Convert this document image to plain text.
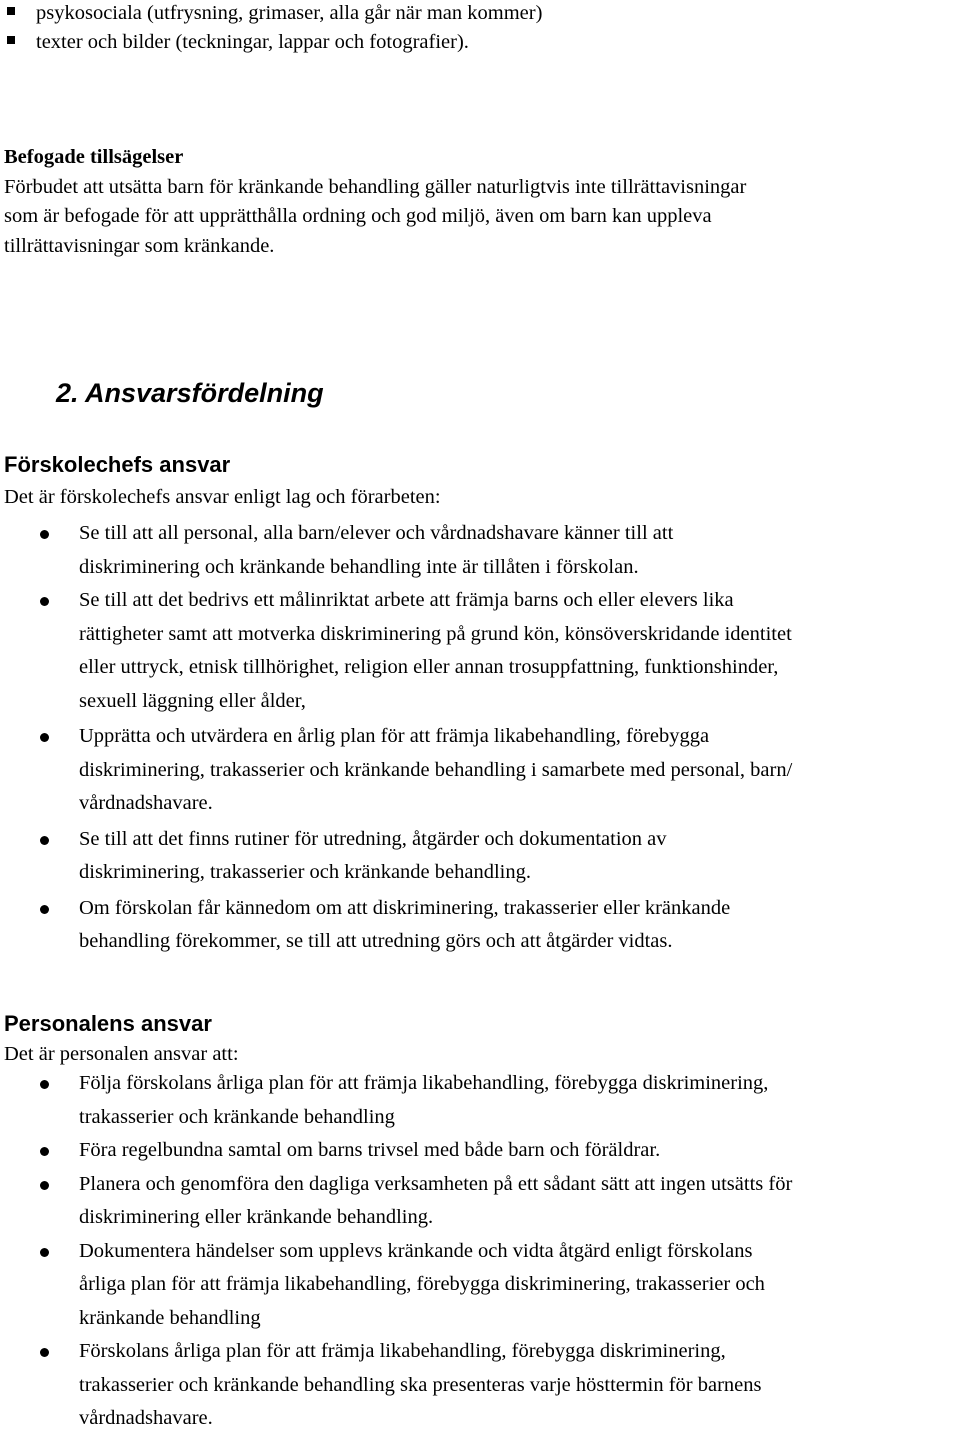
psykosociala (utfrysning, grimaser, alla går när man kommer)
texter och bilder (teckningar, lappar och fotografier).
Befogade tillsägelser
Förbudet att utsätta barn för kränkande behandling gäller naturligtvis inte tillrättavisningar
som är befogade för att upprätthålla ordning och god miljö, även om barn kan uppleva
tillrättavisningar som kränkande.
2. Ansvarsfördelning
Förskolechefs ansvar
Det är förskolechefs ansvar enligt lag och förarbeten:
Se till att all personal, alla barn/elever och vårdnadshavare känner till att
diskriminering och kränkande behandling inte är tillåten i förskolan.
Se till att det bedrivs ett målinriktat arbete att främja barns och eller elevers lika
rättigheter samt att motverka diskriminering på grund kön, könsöverskridande identitet
eller uttryck, etnisk tillhörighet, religion eller annan trosuppfattning, funktionshinder,
sexuell läggning eller ålder,
Upprätta och utvärdera en årlig plan för att främja likabehandling, förebygga
diskriminering, trakasserier och kränkande behandling i samarbete med personal, barn/
vårdnadshavare.
Se till att det finns rutiner för utredning, åtgärder och dokumentation av
diskriminering, trakasserier och kränkande behandling.
Om förskolan får kännedom om att diskriminering, trakasserier eller kränkande
behandling förekommer, se till att utredning görs och att åtgärder vidtas.
Personalens ansvar
Det är personalen ansvar att:
Följa förskolans årliga plan för att främja likabehandling, förebygga diskriminering,
trakasserier och kränkande behandling
Föra regelbundna samtal om barns trivsel med både barn och föräldrar.
Planera och genomföra den dagliga verksamheten på ett sådant sätt att ingen utsätts för
diskriminering eller kränkande behandling.
Dokumentera händelser som upplevs kränkande och vidta åtgärd enligt förskolans
årliga plan för att främja likabehandling, förebygga diskriminering, trakasserier och
kränkande behandling
Förskolans årliga plan för att främja likabehandling, förebygga diskriminering,
trakasserier och kränkande behandling ska presenteras varje hösttermin för barnens
vårdnadshavare.
